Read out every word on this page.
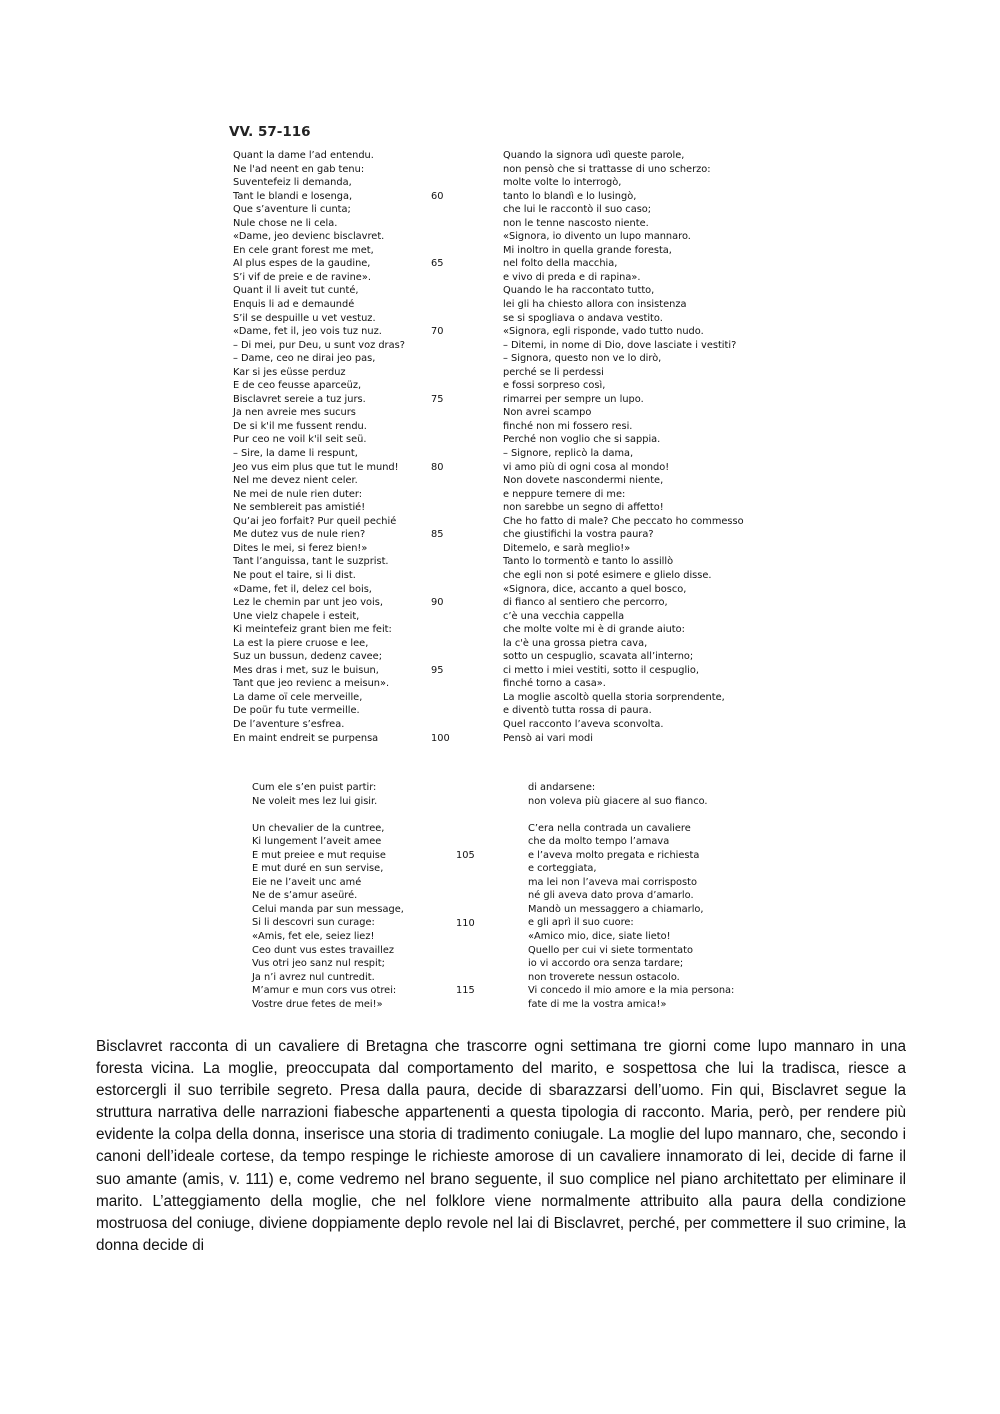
VV. 57-116
Quant la dame l’ad entendu.
Ne l'ad neent en gab tenu:
Suventefeiz li demanda,
Tant le blandi e losenga,
Que s’aventure li cunta;
Nule chose ne li cela.
«Dame, jeo devienc bisclavret.
En cele grant forest me met,
Al plus espes de la gaudine,
S’i vif de preie e de ravine».
Quant il li aveit tut cunté,
Enquis li ad e demaundé
S’il se despuille u vet vestuz.
«Dame, fet il, jeo vois tuz nuz.
– Di mei, pur Deu, u sunt voz dras?
– Dame, ceo ne dirai jeo pas,
Kar si jes eüsse perduz
E de ceo feusse aparceüz,
Bisclavret sereie a tuz jurs.
Ja nen avreie mes sucurs
De si k'il me fussent rendu.
Pur ceo ne voil k'il seit seü.
– Sire, la dame li respunt,
Jeo vus eim plus que tut le mund!
Nel me devez nient celer.
Ne mei de nule rien duter:
Ne sembIereit pas amistié!
Qu’ai jeo forfait? Pur queil pechié
Me dutez vus de nule rien?
Dites le mei, si ferez bien!»
Tant l’anguissa, tant le suzprist.
Ne pout el taire, si li dist.
«Dame, fet il, delez cel bois,
Lez le chemin par unt jeo vois,
Une vielz chapele i esteit,
Ki meintefeiz grant bien me feit:
La est la piere cruose e lee,
Suz un bussun, dedenz cavee;
Mes dras i met, suz le buisun,
Tant que jeo revienc a meisun».
La dame oï cele merveille,
De poür fu tute vermeille.
De l’aventure s’esfrea.
En maint endreit se purpensa
60
65
70
75
80
85
90
95
100
Quando la signora udì queste parole,
non pensò che si trattasse di uno scherzo:
molte volte lo interrogò,
tanto lo blandì e lo lusingò,
che lui le raccontò il suo caso;
non le tenne nascosto niente.
«Signora, io divento un lupo mannaro.
Mi inoltro in quella grande foresta,
nel folto della macchia,
e vivo di preda e di rapina».
Quando le ha raccontato tutto,
lei gli ha chiesto allora con insistenza
se si spogliava o andava vestito.
«Signora, egli risponde, vado tutto nudo.
– Ditemi, in nome di Dio, dove lasciate i vestiti?
– Signora, questo non ve lo dirò,
perché se li perdessi
e fossi sorpreso così,
rimarrei per sempre un lupo.
Non avrei scampo
finché non mi fossero resi.
Perché non voglio che si sappia.
– Signore, replicò la dama,
vi amo più di ogni cosa al mondo!
Non dovete nascondermi niente,
e neppure temere di me:
non sarebbe un segno di affetto!
Che ho fatto di male? Che peccato ho commesso
che giustifichi la vostra paura?
Ditemelo, e sarà meglio!»
Tanto lo tormentò e tanto lo assillò
che egli non si poté esimere e glielo disse.
«Signora, dice, accanto a quel bosco,
di fianco al sentiero che percorro,
c’è una vecchia cappella
che molte volte mi è di grande aiuto:
la c'è una grossa pietra cava,
sotto un cespuglio, scavata all’interno;
ci metto i miei vestiti, sotto il cespuglio,
finché torno a casa».
La moglie ascoltò quella storia sorprendente,
e diventò tutta rossa di paura.
Quel racconto l’aveva sconvolta.
Pensò ai vari modi
Cum ele s’en puist partir:
Ne voleit mes lez lui gisir.
Un chevalier de la cuntree,
Ki lungement l’aveit amee
E mut preiee e mut requise
E mut duré en sun servise,
Eie ne l’aveit unc amé
Ne de s’amur aseüré.
Celui manda par sun message,
Si li descovri sun curage:
«Amis, fet ele, seiez liez!
Ceo dunt vus estes travaillez
Vus otri jeo sanz nul respit;
Ja n’i avrez nul cuntredit.
M’amur e mun cors vus otrei:
Vostre drue fetes de mei!»
105
110
115
di andarsene:
non voleva più giacere al suo fianco.
C’era nella contrada un cavaliere
che da molto tempo l’amava
e l’aveva molto pregata e richiesta
e corteggiata,
ma lei non l’aveva mai corrisposto
né gli aveva dato prova d’amarlo.
Mandò un messaggero a chiamarlo,
e gli aprì il suo cuore:
«Amico mio, dice, siate lieto!
Quello per cui vi siete tormentato
io vi accordo ora senza tardare;
non troverete nessun ostacolo.
Vi concedo il mio amore e la mia persona:
fate di me la vostra amica!»

Bisclavret racconta di un cavaliere di Bretagna che trascorre ogni settimana tre giorni come lupo mannaro in una foresta vicina. La moglie, preoccupata dal comportamento del marito, e sospettosa che lui la tradisca, riesce a estorcergli il suo terribile segreto. Presa dalla paura, decide di sbarazzarsi dell’uomo. Fin qui, Bisclavret segue la struttura narrativa delle narrazioni fiabesche appartenenti a questa tipologia di racconto. Maria, però, per rendere più evidente la colpa della donna, inserisce una storia di tradimento coniugale. La moglie del lupo mannaro, che, secondo i canoni dell’ideale cortese, da tempo respinge le richieste amorose di un cavaliere innamorato di lei, decide di farne il suo amante (amis, v. 111) e, come vedremo nel brano seguente, il suo complice nel piano architettato per eliminare il marito. L’atteggiamento della moglie, che nel folklore viene normalmente attribuito alla paura della condizione mostruosa del coniuge, diviene doppiamente deplo revole nel lai di Bisclavret, perché, per commettere il suo crimine, la donna decide di
